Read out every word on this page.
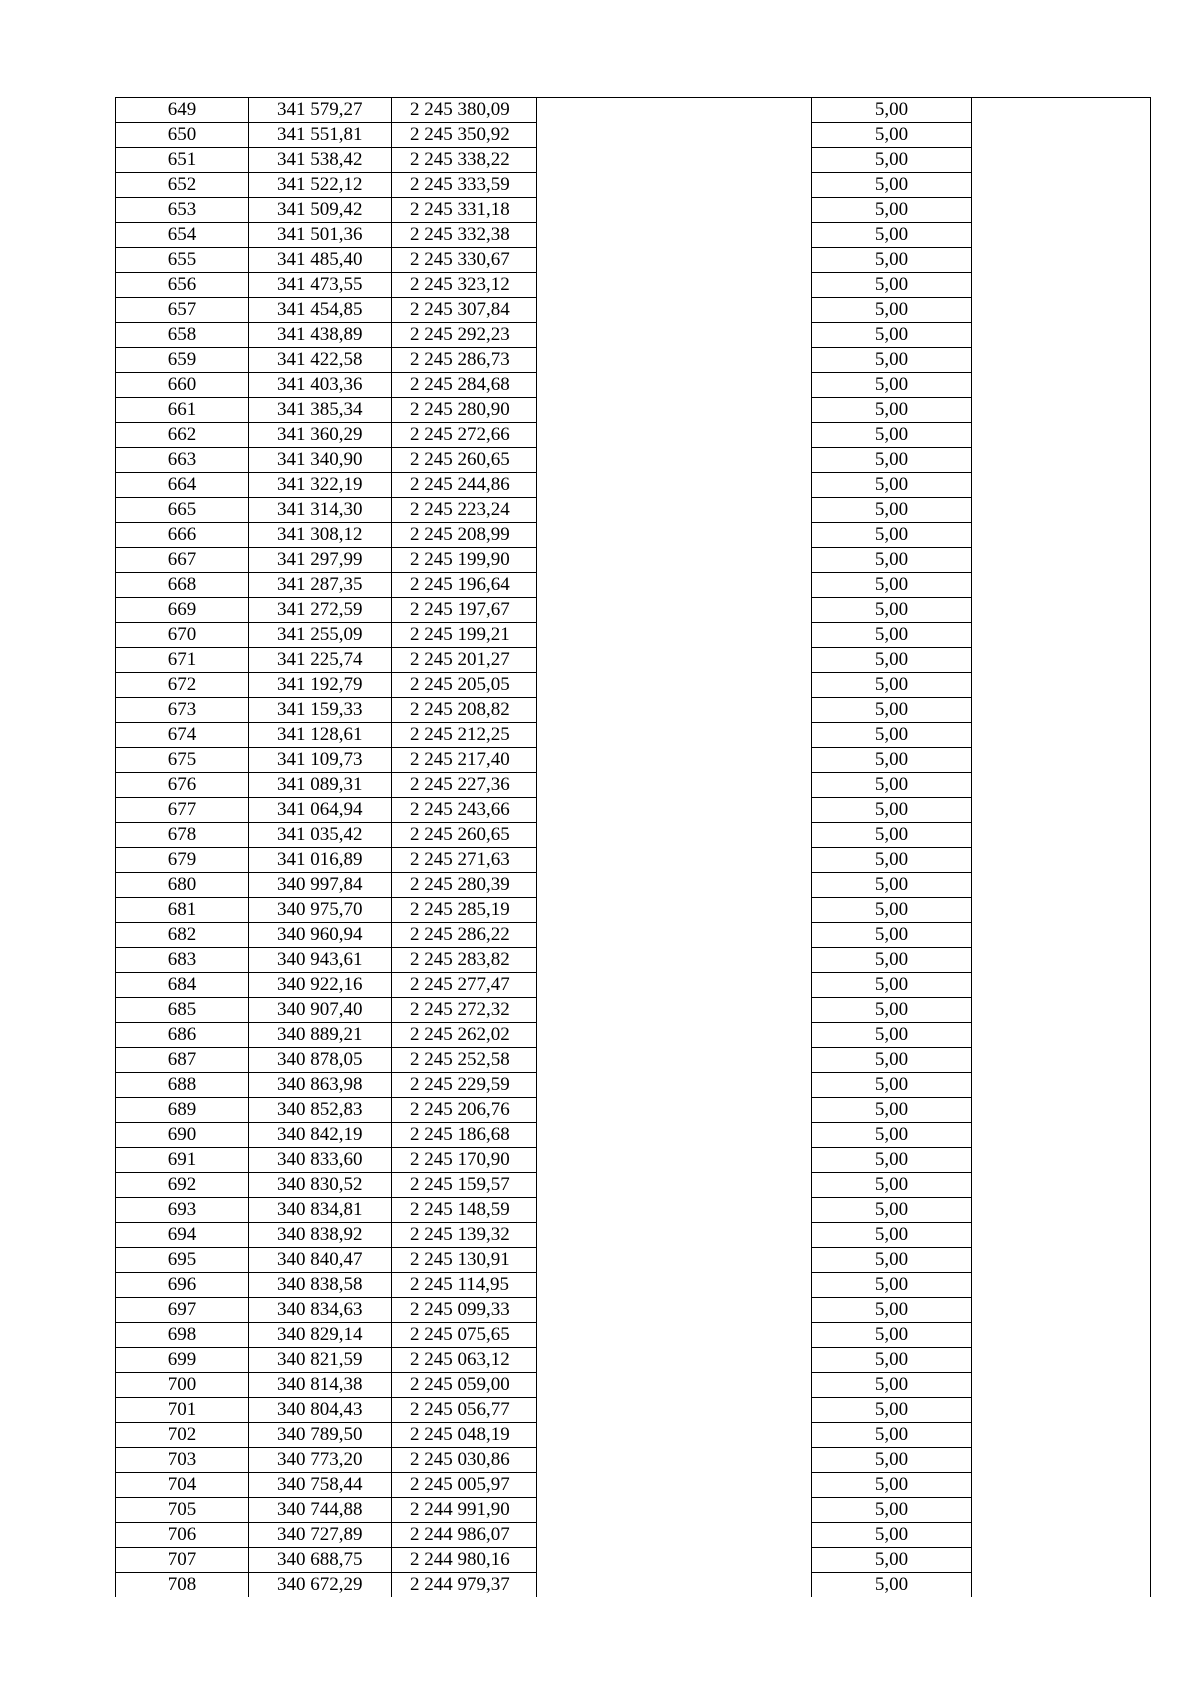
649	341 579,27	2 245 380,09		5,00	
650	341 551,81	2 245 350,92		5,00	
651	341 538,42	2 245 338,22		5,00	
652	341 522,12	2 245 333,59		5,00	
653	341 509,42	2 245 331,18		5,00	
654	341 501,36	2 245 332,38		5,00	
655	341 485,40	2 245 330,67		5,00	
656	341 473,55	2 245 323,12		5,00	
657	341 454,85	2 245 307,84		5,00	
658	341 438,89	2 245 292,23		5,00	
659	341 422,58	2 245 286,73		5,00	
660	341 403,36	2 245 284,68		5,00	
661	341 385,34	2 245 280,90		5,00	
662	341 360,29	2 245 272,66		5,00	
663	341 340,90	2 245 260,65		5,00	
664	341 322,19	2 245 244,86		5,00	
665	341 314,30	2 245 223,24		5,00	
666	341 308,12	2 245 208,99		5,00	
667	341 297,99	2 245 199,90		5,00	
668	341 287,35	2 245 196,64		5,00	
669	341 272,59	2 245 197,67		5,00	
670	341 255,09	2 245 199,21		5,00	
671	341 225,74	2 245 201,27		5,00	
672	341 192,79	2 245 205,05		5,00	
673	341 159,33	2 245 208,82		5,00	
674	341 128,61	2 245 212,25		5,00	
675	341 109,73	2 245 217,40		5,00	
676	341 089,31	2 245 227,36		5,00	
677	341 064,94	2 245 243,66		5,00	
678	341 035,42	2 245 260,65		5,00	
679	341 016,89	2 245 271,63		5,00	
680	340 997,84	2 245 280,39		5,00	
681	340 975,70	2 245 285,19		5,00	
682	340 960,94	2 245 286,22		5,00	
683	340 943,61	2 245 283,82		5,00	
684	340 922,16	2 245 277,47		5,00	
685	340 907,40	2 245 272,32		5,00	
686	340 889,21	2 245 262,02		5,00	
687	340 878,05	2 245 252,58		5,00	
688	340 863,98	2 245 229,59		5,00	
689	340 852,83	2 245 206,76		5,00	
690	340 842,19	2 245 186,68		5,00	
691	340 833,60	2 245 170,90		5,00	
692	340 830,52	2 245 159,57		5,00	
693	340 834,81	2 245 148,59		5,00	
694	340 838,92	2 245 139,32		5,00	
695	340 840,47	2 245 130,91		5,00	
696	340 838,58	2 245 114,95		5,00	
697	340 834,63	2 245 099,33		5,00	
698	340 829,14	2 245 075,65		5,00	
699	340 821,59	2 245 063,12		5,00	
700	340 814,38	2 245 059,00		5,00	
701	340 804,43	2 245 056,77		5,00	
702	340 789,50	2 245 048,19		5,00	
703	340 773,20	2 245 030,86		5,00	
704	340 758,44	2 245 005,97		5,00	
705	340 744,88	2 244 991,90		5,00	
706	340 727,89	2 244 986,07		5,00	
707	340 688,75	2 244 980,16		5,00	
708	340 672,29	2 244 979,37		5,00	
